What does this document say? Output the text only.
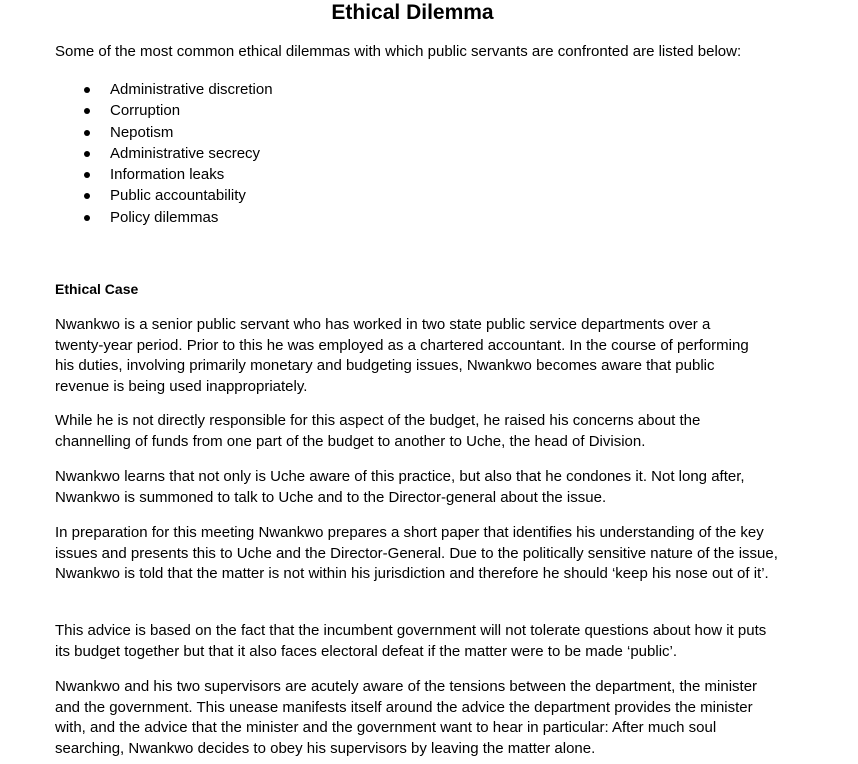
Ethical Dilemma

Some of the most common ethical dilemmas with which public servants are confronted are listed below:

Administrative discretion
Corruption
Nepotism
Administrative secrecy
Information leaks
Public accountability
Policy dilemmas
Ethical Case

Nwankwo is a senior public servant who has worked in two state public service departments over a twenty-year period. Prior to this he was employed as a chartered accountant. In the course of performing his duties, involving primarily monetary and budgeting issues, Nwankwo becomes aware that public revenue is being used inappropriately.

While he is not directly responsible for this aspect of the budget, he raised his concerns about the channelling of funds from one part of the budget to another to Uche, the head of Division.

Nwankwo learns that not only is Uche aware of this practice, but also that he condones it. Not long after, Nwankwo is summoned to talk to Uche and to the Director-general about the issue.

In preparation for this meeting Nwankwo prepares a short paper that identifies his understanding of the key issues and presents this to Uche and the Director-General. Due to the politically sensitive nature of the issue, Nwankwo is told that the matter is not within his jurisdiction and therefore he should ‘keep his nose out of it’.

This advice is based on the fact that the incumbent government will not tolerate questions about how it puts its budget together but that it also faces electoral defeat if the matter were to be made ‘public’.

Nwankwo and his two supervisors are acutely aware of the tensions between the department, the minister and the government. This unease manifests itself around the advice the department provides the minister with, and the advice that the minister and the government want to hear in particular: After much soul searching, Nwankwo decides to obey his supervisors by leaving the matter alone.
